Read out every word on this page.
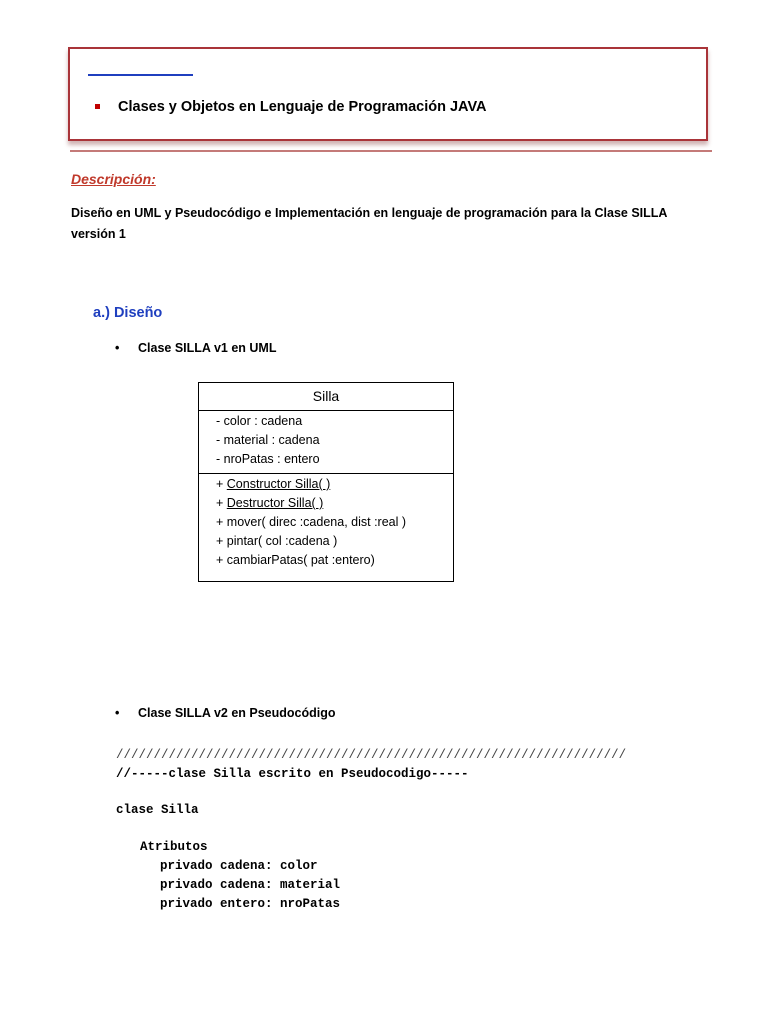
Clases y Objetos en Lenguaje de Programación JAVA
Descripción:
Diseño en UML y Pseudocódigo e Implementación en lenguaje de programación para la Clase SILLA versión 1
a.) Diseño
• Clase SILLA v1 en UML
Silla
- color : cadena
- material : cadena
- nroPatas : entero
+ Constructor Silla( )
+ Destructor Silla( )
+ mover( direc :cadena, dist :real )
+ pintar( col :cadena )
+ cambiarPatas( pat :entero)
• Clase SILLA v2 en Pseudocódigo
////////////////////////////////////////////////////////////////////
//-----clase Silla escrito en Pseudocodigo-----
clase Silla
Atributos
privado cadena: color
privado cadena: material
privado entero: nroPatas
